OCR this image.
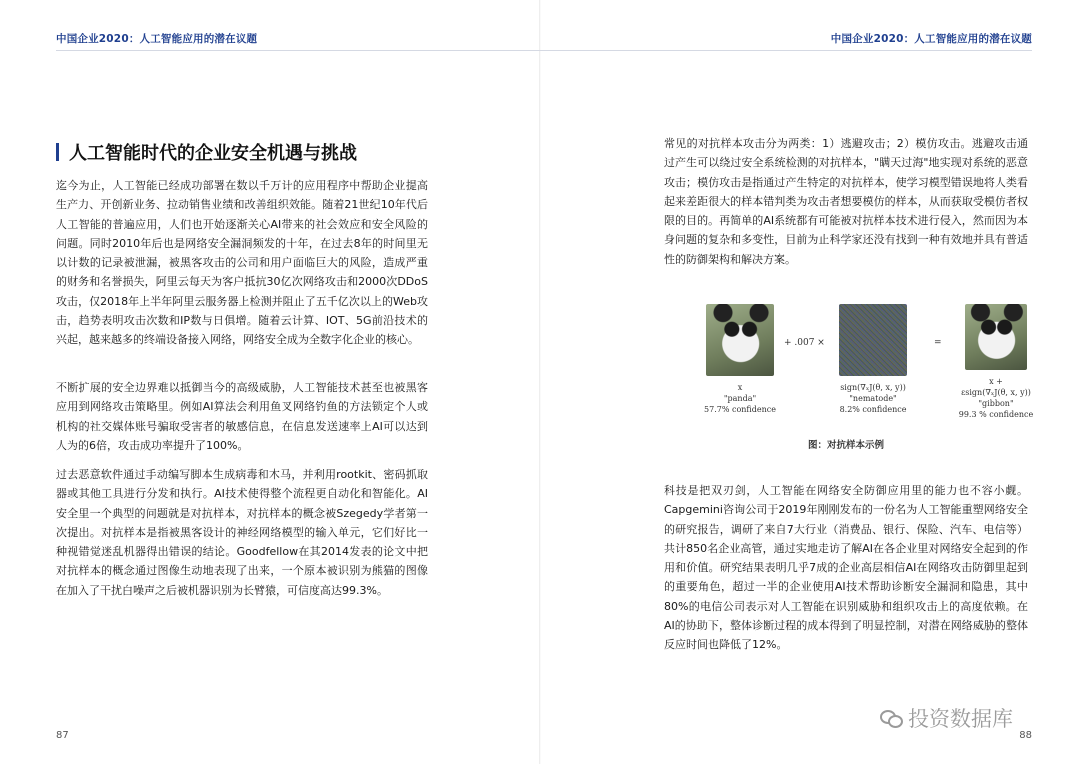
中国企业2020：人工智能应用的潜在议题
人工智能时代的企业安全机遇与挑战

迄今为止，人工智能已经成功部署在数以千万计的应用程序中帮助企业提高生产力、开创新业务、拉动销售业绩和改善组织效能。随着21世纪10年代后人工智能的普遍应用，人们也开始逐渐关心AI带来的社会效应和安全风险的问题。同时2010年后也是网络安全漏洞频发的十年，在过去8年的时间里无以计数的记录被泄漏，被黑客攻击的公司和用户面临巨大的风险，造成严重的财务和名誉损失，阿里云每天为客户抵抗30亿次网络攻击和2000次DDoS攻击，仅2018年上半年阿里云服务器上检测并阻止了五千亿次以上的Web攻击，趋势表明攻击次数和IP数与日俱增。随着云计算、IOT、5G前沿技术的兴起，越来越多的终端设备接入网络，网络安全成为全数字化企业的核心。

不断扩展的安全边界难以抵御当今的高级威胁，人工智能技术甚至也被黑客应用到网络攻击策略里。例如AI算法会利用鱼叉网络钓鱼的方法锁定个人或机构的社交媒体账号骗取受害者的敏感信息，在信息发送速率上AI可以达到人为的6倍，攻击成功率提升了100%。

过去恶意软件通过手动编写脚本生成病毒和木马，并利用rootkit、密码抓取器或其他工具进行分发和执行。AI技术使得整个流程更自动化和智能化。AI安全里一个典型的问题就是对抗样本，对抗样本的概念被Szegedy学者第一次提出。对抗样本是指被黑客设计的神经网络模型的输入单元，它们好比一种视错觉迷乱机器得出错误的结论。Goodfellow在其2014发表的论文中把对抗样本的概念通过图像生动地表现了出来，一个原本被识别为熊猫的图像在加入了干扰白噪声之后被机器识别为长臂猿，可信度高达99.3%。

87
中国企业2020：人工智能应用的潜在议题

常见的对抗样本攻击分为两类：1）逃避攻击；2）模仿攻击。逃避攻击通过产生可以绕过安全系统检测的对抗样本，"瞒天过海"地实现对系统的恶意攻击；模仿攻击是指通过产生特定的对抗样本，使学习模型错误地将人类看起来差距很大的样本错判类为攻击者想要模仿的样本，从而获取受模仿者权限的目的。再简单的AI系统都有可能被对抗样本技术进行侵入，然而因为本身问题的复杂和多变性，目前为止科学家还没有找到一种有效地并具有普适性的防御架构和解决方案。

x
"panda"
57.7% confidence
+ .007 ×
sign(∇ₓJ(θ, x, y))
"nematode"
8.2% confidence
=
x +
εsign(∇ₓJ(θ, x, y))
"gibbon"
99.3 % confidence
图：对抗样本示例

科技是把双刃剑，人工智能在网络安全防御应用里的能力也不容小觑。Capgemini咨询公司于2019年刚刚发布的一份名为人工智能重塑网络安全的研究报告，调研了来自7大行业（消费品、银行、保险、汽车、电信等）共计850名企业高管，通过实地走访了解AI在各企业里对网络安全起到的作用和价值。研究结果表明几乎7成的企业高层相信AI在网络攻击防御里起到的重要角色，超过一半的企业使用AI技术帮助诊断安全漏洞和隐患，其中80%的电信公司表示对人工智能在识别威胁和组织攻击上的高度依赖。在AI的协助下，整体诊断过程的成本得到了明显控制，对潜在网络威胁的整体反应时间也降低了12%。

88
投资数据库
